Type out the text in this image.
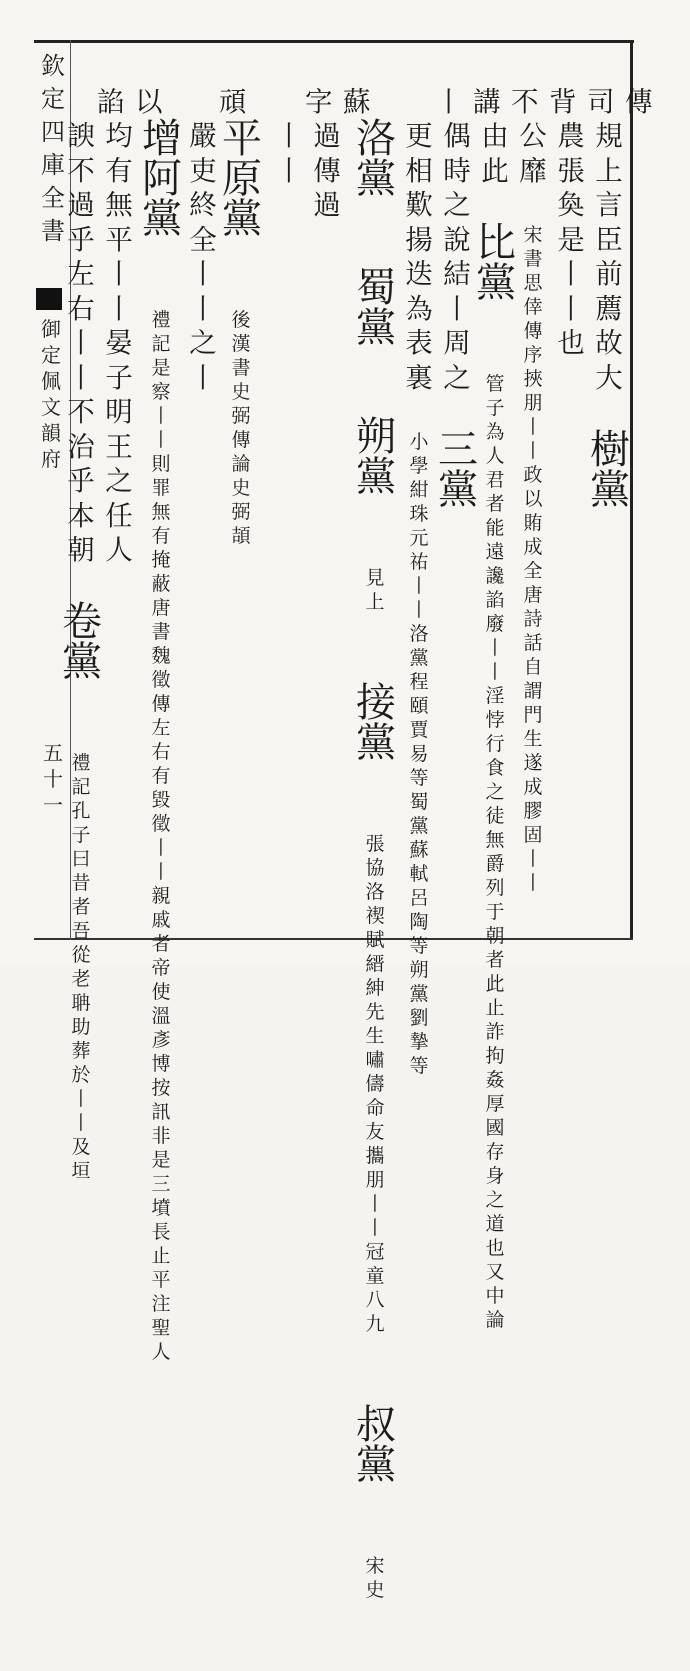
欽
定
四
庫
全
書
御
定
佩
文
韻
府
五
十
一

傳
規
上
言
臣
前
薦
故
大

樹
黨

司
農
張
奐
是
丨
丨
也

背
公
靡

宋
書
思
倖
傳
序
挾
朋
丨
丨
政
以
賄
成
全
唐
詩
話
自
謂
門
生
遂
成
膠
固
丨
丨

不
由
此

比
黨

管
子
為
人
君
者
能
遠
讒
諂
廢
丨
丨
淫
悖
行
食
之
徒
無
爵
列
于
朝
者
此
止
詐
拘
姦
厚
國
存
身
之
道
也
又
中
論

講
偶
時
之
說
結
丨
周
之

三
黨

丨
更
相
歎
揚
迭
為
表
裏

小
學
紺
珠
元
祐
丨
丨
洛
黨
程
頤
賈
易
等
蜀
黨
蘇
軾
呂
陶
等
朔
黨
劉
摯
等

洛
黨

蜀
黨

朔
黨

見
上

接
黨

張
協
洛
禊
賦
縉
紳
先
生
嘯
儔
命
友
攜
朋
丨
丨
冠
童
八
九

叔
黨

宋
史

蘇
過
傳
過

字
丨
丨

平
原
黨

後
漢
書
史
弼
傳
論
史
弼
頡

頑
嚴
吏
終
全
丨
丨
之
丨

增
阿
黨

禮
記
是
察
丨
丨
則
罪
無
有
掩
蔽
唐
書
魏
徵
傳
左
右
有
毀
徵
丨
丨
親
戚
者
帝
使
溫
彥
博
按
訊
非
是
三
墳
長
止
平
注
聖
人

以
均
有
無
平
丨
丨
晏
子
明
王
之
任
人

諂
諛
不
過
乎
左
右
丨
丨
不
治
乎
本
朝

卷
黨

禮
記
孔
子
曰
昔
者
吾
從
老
聃
助
葬
於
丨
丨
及
垣
